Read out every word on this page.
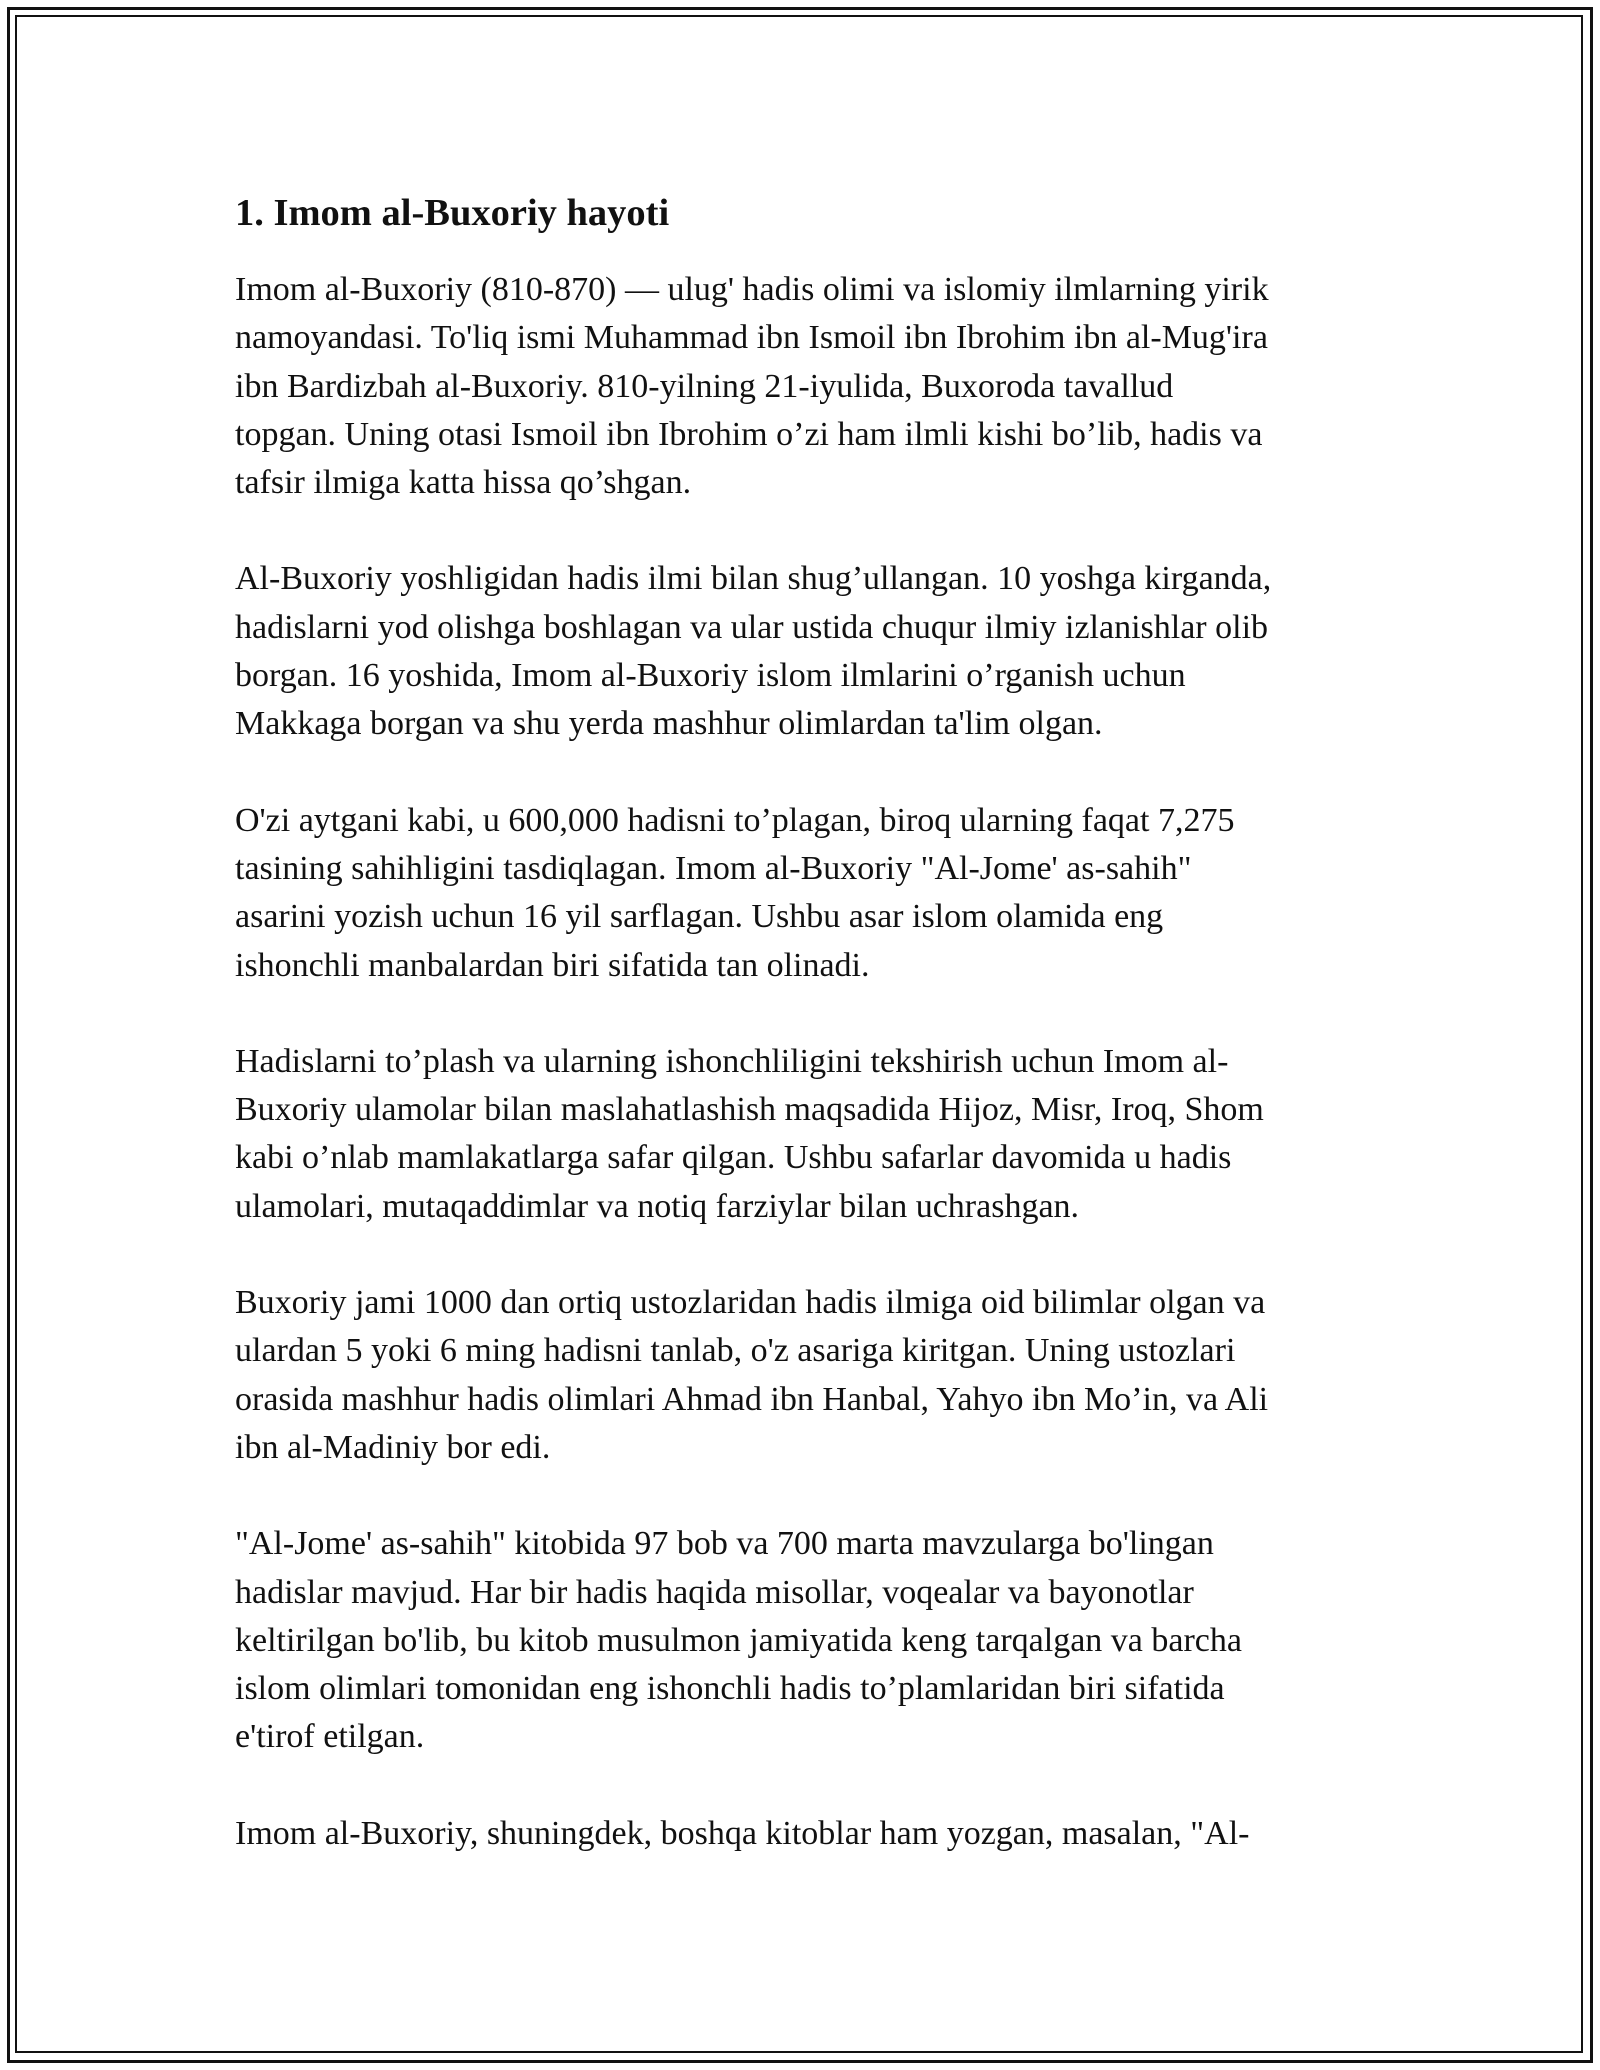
1. Imom al-Buxoriy hayoti

Imom al-Buxoriy (810-870) — ulug' hadis olimi va islomiy ilmlarning yirik
namoyandasi. To'liq ismi Muhammad ibn Ismoil ibn Ibrohim ibn al-Mug'ira
ibn Bardizbah al-Buxoriy. 810-yilning 21-iyulida, Buxoroda tavallud
topgan. Uning otasi Ismoil ibn Ibrohim o’zi ham ilmli kishi bo’lib, hadis va
tafsir ilmiga katta hissa qo’shgan.

Al-Buxoriy yoshligidan hadis ilmi bilan shug’ullangan. 10 yoshga kirganda,
hadislarni yod olishga boshlagan va ular ustida chuqur ilmiy izlanishlar olib
borgan. 16 yoshida, Imom al-Buxoriy islom ilmlarini o’rganish uchun
Makkaga borgan va shu yerda mashhur olimlardan ta'lim olgan.

O'zi aytgani kabi, u 600,000 hadisni to’plagan, biroq ularning faqat 7,275
tasining sahihligini tasdiqlagan. Imom al-Buxoriy "Al-Jome' as-sahih"
asarini yozish uchun 16 yil sarflagan. Ushbu asar islom olamida eng
ishonchli manbalardan biri sifatida tan olinadi.

Hadislarni to’plash va ularning ishonchliligini tekshirish uchun Imom al-
Buxoriy ulamolar bilan maslahatlashish maqsadida Hijoz, Misr, Iroq, Shom
kabi o’nlab mamlakatlarga safar qilgan. Ushbu safarlar davomida u hadis
ulamolari, mutaqaddimlar va notiq farziylar bilan uchrashgan.

Buxoriy jami 1000 dan ortiq ustozlaridan hadis ilmiga oid bilimlar olgan va
ulardan 5 yoki 6 ming hadisni tanlab, o'z asariga kiritgan. Uning ustozlari
orasida mashhur hadis olimlari Ahmad ibn Hanbal, Yahyo ibn Mo’in, va Ali
ibn al-Madiniy bor edi.

"Al-Jome' as-sahih" kitobida 97 bob va 700 marta mavzularga bo'lingan
hadislar mavjud. Har bir hadis haqida misollar, voqealar va bayonotlar
keltirilgan bo'lib, bu kitob musulmon jamiyatida keng tarqalgan va barcha
islom olimlari tomonidan eng ishonchli hadis to’plamlaridan biri sifatida
e'tirof etilgan.

Imom al-Buxoriy, shuningdek, boshqa kitoblar ham yozgan, masalan, "Al-
